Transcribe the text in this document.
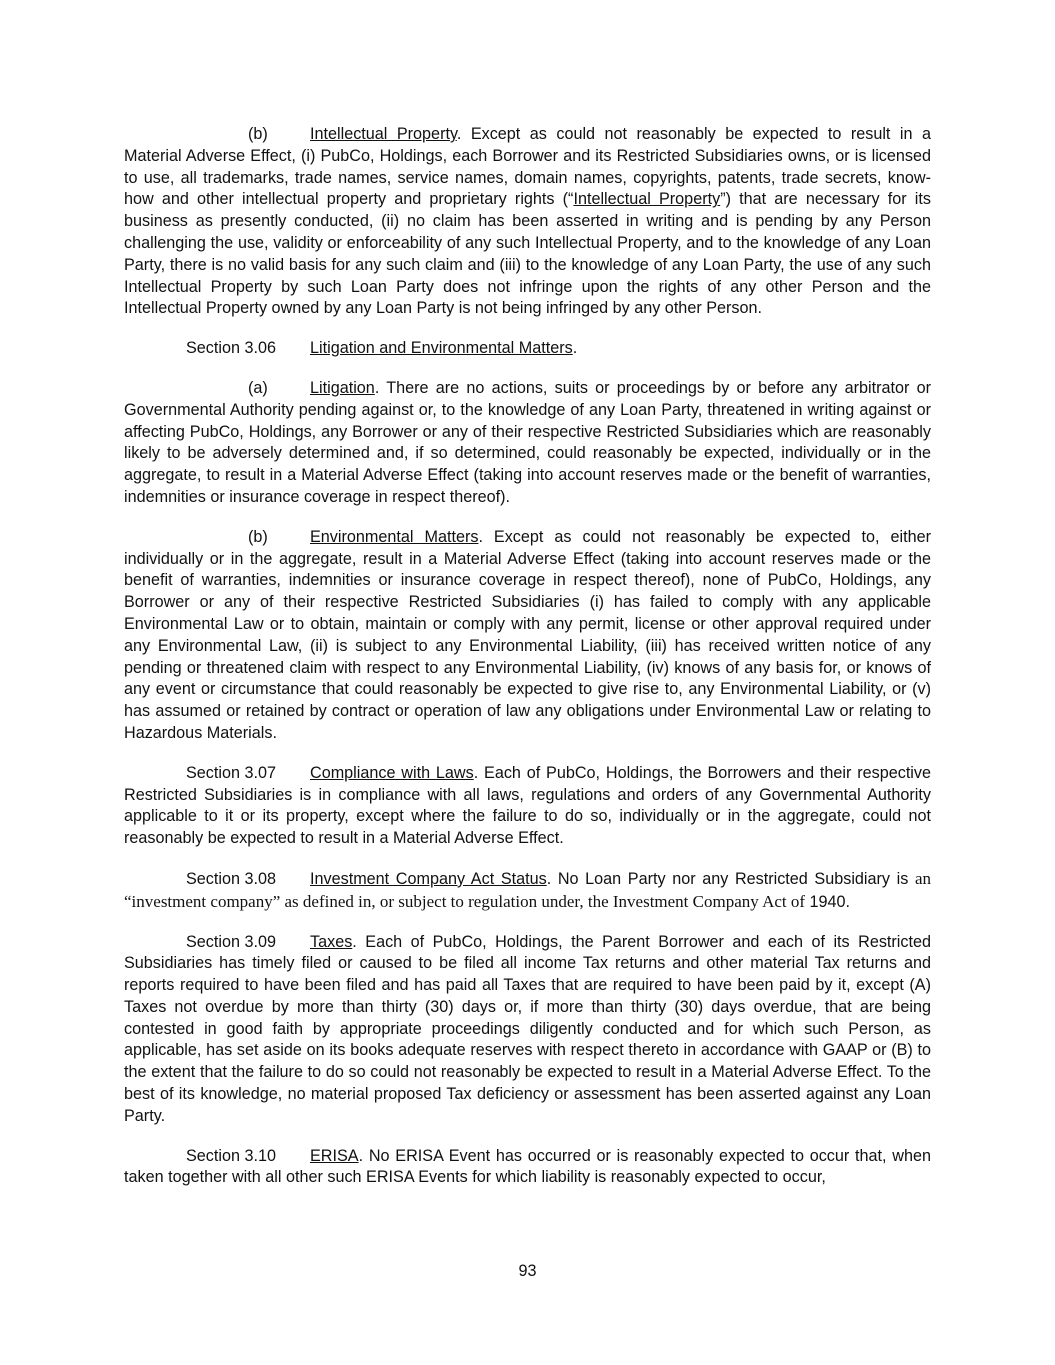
(b)	Intellectual Property. Except as could not reasonably be expected to result in a Material Adverse Effect, (i) PubCo, Holdings, each Borrower and its Restricted Subsidiaries owns, or is licensed to use, all trademarks, trade names, service names, domain names, copyrights, patents, trade secrets, know-how and other intellectual property and proprietary rights (“Intellectual Property”) that are necessary for its business as presently conducted, (ii) no claim has been asserted in writing and is pending by any Person challenging the use, validity or enforceability of any such Intellectual Property, and to the knowledge of any Loan Party, there is no valid basis for any such claim and (iii) to the knowledge of any Loan Party, the use of any such Intellectual Property by such Loan Party does not infringe upon the rights of any other Person and the Intellectual Property owned by any Loan Party is not being infringed by any other Person.

Section 3.06 Litigation and Environmental Matters.

(a)	Litigation. There are no actions, suits or proceedings by or before any arbitrator or Governmental Authority pending against or, to the knowledge of any Loan Party, threatened in writing against or affecting PubCo, Holdings, any Borrower or any of their respective Restricted Subsidiaries which are reasonably likely to be adversely determined and, if so determined, could reasonably be expected, individually or in the aggregate, to result in a Material Adverse Effect (taking into account reserves made or the benefit of warranties, indemnities or insurance coverage in respect thereof).

(b)	Environmental Matters. Except as could not reasonably be expected to, either individually or in the aggregate, result in a Material Adverse Effect (taking into account reserves made or the benefit of warranties, indemnities or insurance coverage in respect thereof), none of PubCo, Holdings, any Borrower or any of their respective Restricted Subsidiaries (i) has failed to comply with any applicable Environmental Law or to obtain, maintain or comply with any permit, license or other approval required under any Environmental Law, (ii) is subject to any Environmental Liability, (iii) has received written notice of any pending or threatened claim with respect to any Environmental Liability, (iv) knows of any basis for, or knows of any event or circumstance that could reasonably be expected to give rise to, any Environmental Liability, or (v) has assumed or retained by contract or operation of law any obligations under Environmental Law or relating to Hazardous Materials.

Section 3.07 Compliance with Laws. Each of PubCo, Holdings, the Borrowers and their respective Restricted Subsidiaries is in compliance with all laws, regulations and orders of any Governmental Authority applicable to it or its property, except where the failure to do so, individually or in the aggregate, could not reasonably be expected to result in a Material Adverse Effect.

Section 3.08 Investment Company Act Status. No Loan Party nor any Restricted Subsidiary is an “investment company” as defined in, or subject to regulation under, the Investment Company Act of 1940.

Section 3.09 Taxes. Each of PubCo, Holdings, the Parent Borrower and each of its Restricted Subsidiaries has timely filed or caused to be filed all income Tax returns and other material Tax returns and reports required to have been filed and has paid all Taxes that are required to have been paid by it, except (A) Taxes not overdue by more than thirty (30) days or, if more than thirty (30) days overdue, that are being contested in good faith by appropriate proceedings diligently conducted and for which such Person, as applicable, has set aside on its books adequate reserves with respect thereto in accordance with GAAP or (B) to the extent that the failure to do so could not reasonably be expected to result in a Material Adverse Effect. To the best of its knowledge, no material proposed Tax deficiency or assessment has been asserted against any Loan Party.

Section 3.10 ERISA. No ERISA Event has occurred or is reasonably expected to occur that, when taken together with all other such ERISA Events for which liability is reasonably expected to occur,

93
